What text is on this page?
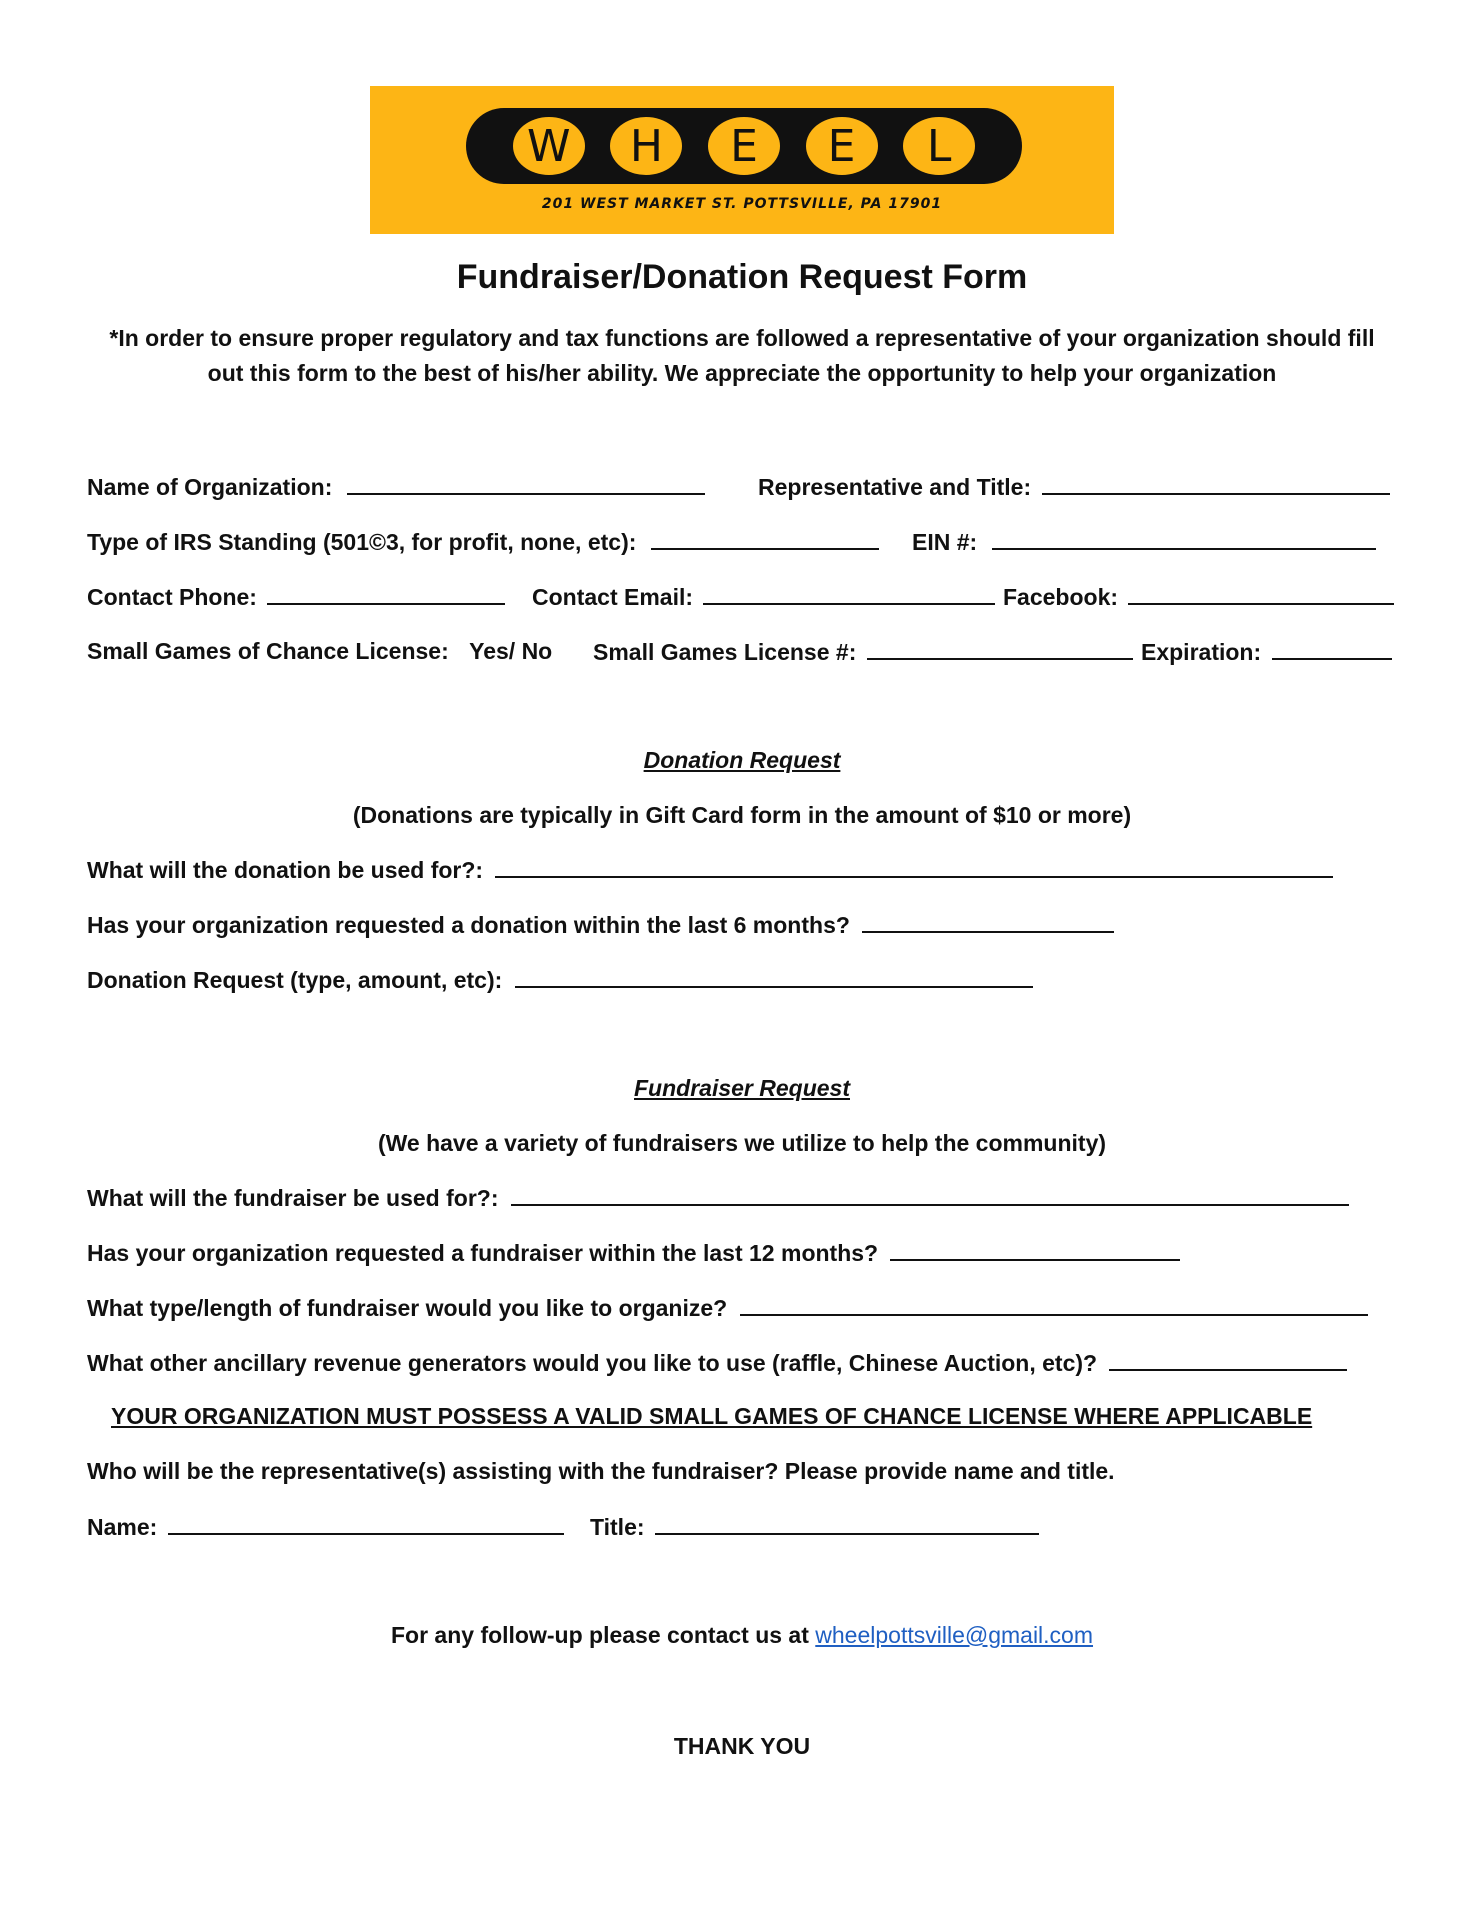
W	H	E	E	L
201 WEST MARKET ST. POTTSVILLE, PA 17901
Fundraiser/Donation Request Form
*In order to ensure proper regulatory and tax functions are followed a representative of your organization should fill
out this form to the best of his/her ability. We appreciate the opportunity to help your organization
Name of Organization:	Representative and Title:
Type of IRS Standing (501©3, for profit, none, etc):	EIN #:
Contact Phone:	Contact Email:	Facebook:
Small Games of Chance License: Yes/ No Small Games License #:	Expiration:
Donation Request
(Donations are typically in Gift Card form in the amount of $10 or more)
What will the donation be used for?:
Has your organization requested a donation within the last 6 months?
Donation Request (type, amount, etc):
Fundraiser Request
(We have a variety of fundraisers we utilize to help the community)
What will the fundraiser be used for?:
Has your organization requested a fundraiser within the last 12 months?
What type/length of fundraiser would you like to organize?
What other ancillary revenue generators would you like to use (raffle, Chinese Auction, etc)?
YOUR ORGANIZATION MUST POSSESS A VALID SMALL GAMES OF CHANCE LICENSE WHERE APPLICABLE
Who will be the representative(s) assisting with the fundraiser? Please provide name and title.
Name:	Title:
For any follow-up please contact us at wheelpottsville@gmail.com
THANK YOU
